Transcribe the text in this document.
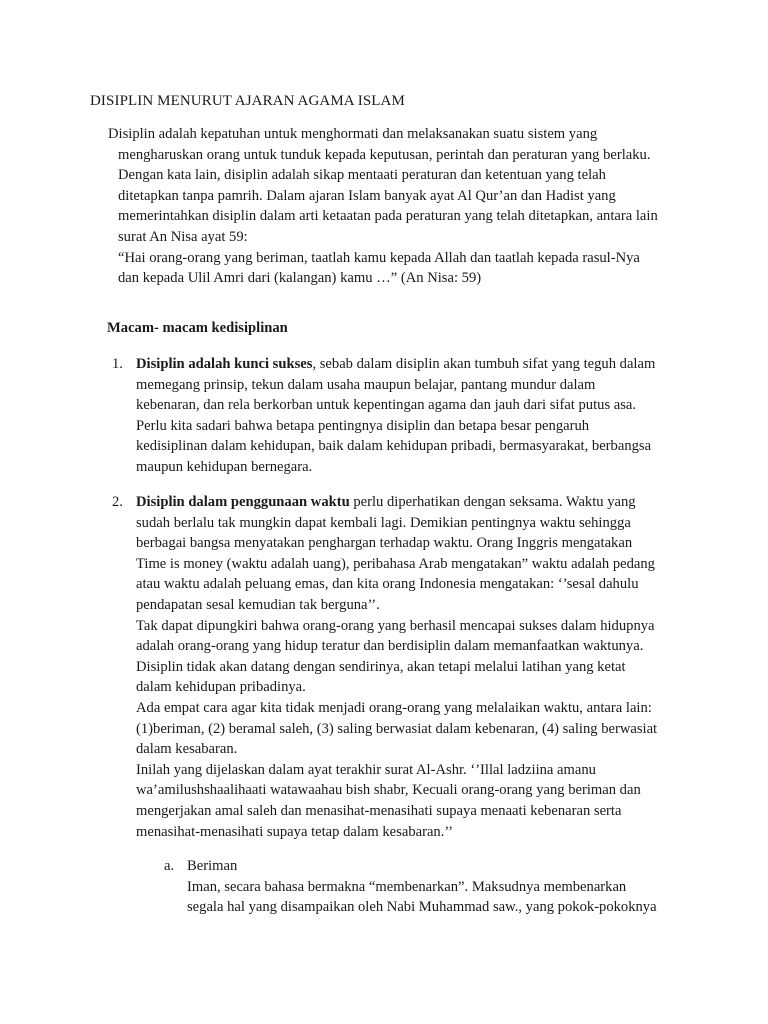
DISIPLIN MENURUT AJARAN AGAMA ISLAM
Disiplin adalah kepatuhan untuk menghormati dan melaksanakan suatu sistem yang
mengharuskan orang untuk tunduk kepada keputusan, perintah dan peraturan yang berlaku.
Dengan kata lain, disiplin adalah sikap mentaati peraturan dan ketentuan yang telah
ditetapkan tanpa pamrih. Dalam ajaran Islam banyak ayat Al Qur’an dan Hadist yang
memerintahkan disiplin dalam arti ketaatan pada peraturan yang telah ditetapkan, antara lain
surat An Nisa ayat 59:
“Hai orang-orang yang beriman, taatlah kamu kepada Allah dan taatlah kepada rasul-Nya
dan kepada Ulil Amri dari (kalangan) kamu …” (An Nisa: 59)
Macam- macam kedisiplinan
1. Disiplin adalah kunci sukses, sebab dalam disiplin akan tumbuh sifat yang teguh dalam
memegang prinsip, tekun dalam usaha maupun belajar, pantang mundur dalam
kebenaran, dan rela berkorban untuk kepentingan agama dan jauh dari sifat putus asa.
Perlu kita sadari bahwa betapa pentingnya disiplin dan betapa besar pengaruh
kedisiplinan dalam kehidupan, baik dalam kehidupan pribadi, bermasyarakat, berbangsa
maupun kehidupan bernegara.
2. Disiplin dalam penggunaan waktu perlu diperhatikan dengan seksama. Waktu yang
sudah berlalu tak mungkin dapat kembali lagi. Demikian pentingnya waktu sehingga
berbagai bangsa menyatakan penghargan terhadap waktu. Orang Inggris mengatakan
Time is money (waktu adalah uang), peribahasa Arab mengatakan” waktu adalah pedang
atau waktu adalah peluang emas, dan kita orang Indonesia mengatakan: ‘’sesal dahulu
pendapatan sesal kemudian tak berguna’’.
Tak dapat dipungkiri bahwa orang-orang yang berhasil mencapai sukses dalam hidupnya
adalah orang-orang yang hidup teratur dan berdisiplin dalam memanfaatkan waktunya.
Disiplin tidak akan datang dengan sendirinya, akan tetapi melalui latihan yang ketat
dalam kehidupan pribadinya.
Ada empat cara agar kita tidak menjadi orang-orang yang melalaikan waktu, antara lain:
(1)beriman, (2) beramal saleh, (3) saling berwasiat dalam kebenaran, (4) saling berwasiat
dalam kesabaran.
Inilah yang dijelaskan dalam ayat terakhir surat Al-Ashr. ‘’Illal ladziina amanu
wa’amilushshaalihaati watawaahau bish shabr, Kecuali orang-orang yang beriman dan
mengerjakan amal saleh dan menasihat-menasihati supaya menaati kebenaran serta
menasihat-menasihati supaya tetap dalam kesabaran.’’
a. Beriman
Iman, secara bahasa bermakna “membenarkan”. Maksudnya membenarkan
segala hal yang disampaikan oleh Nabi Muhammad saw., yang pokok-pokoknya
